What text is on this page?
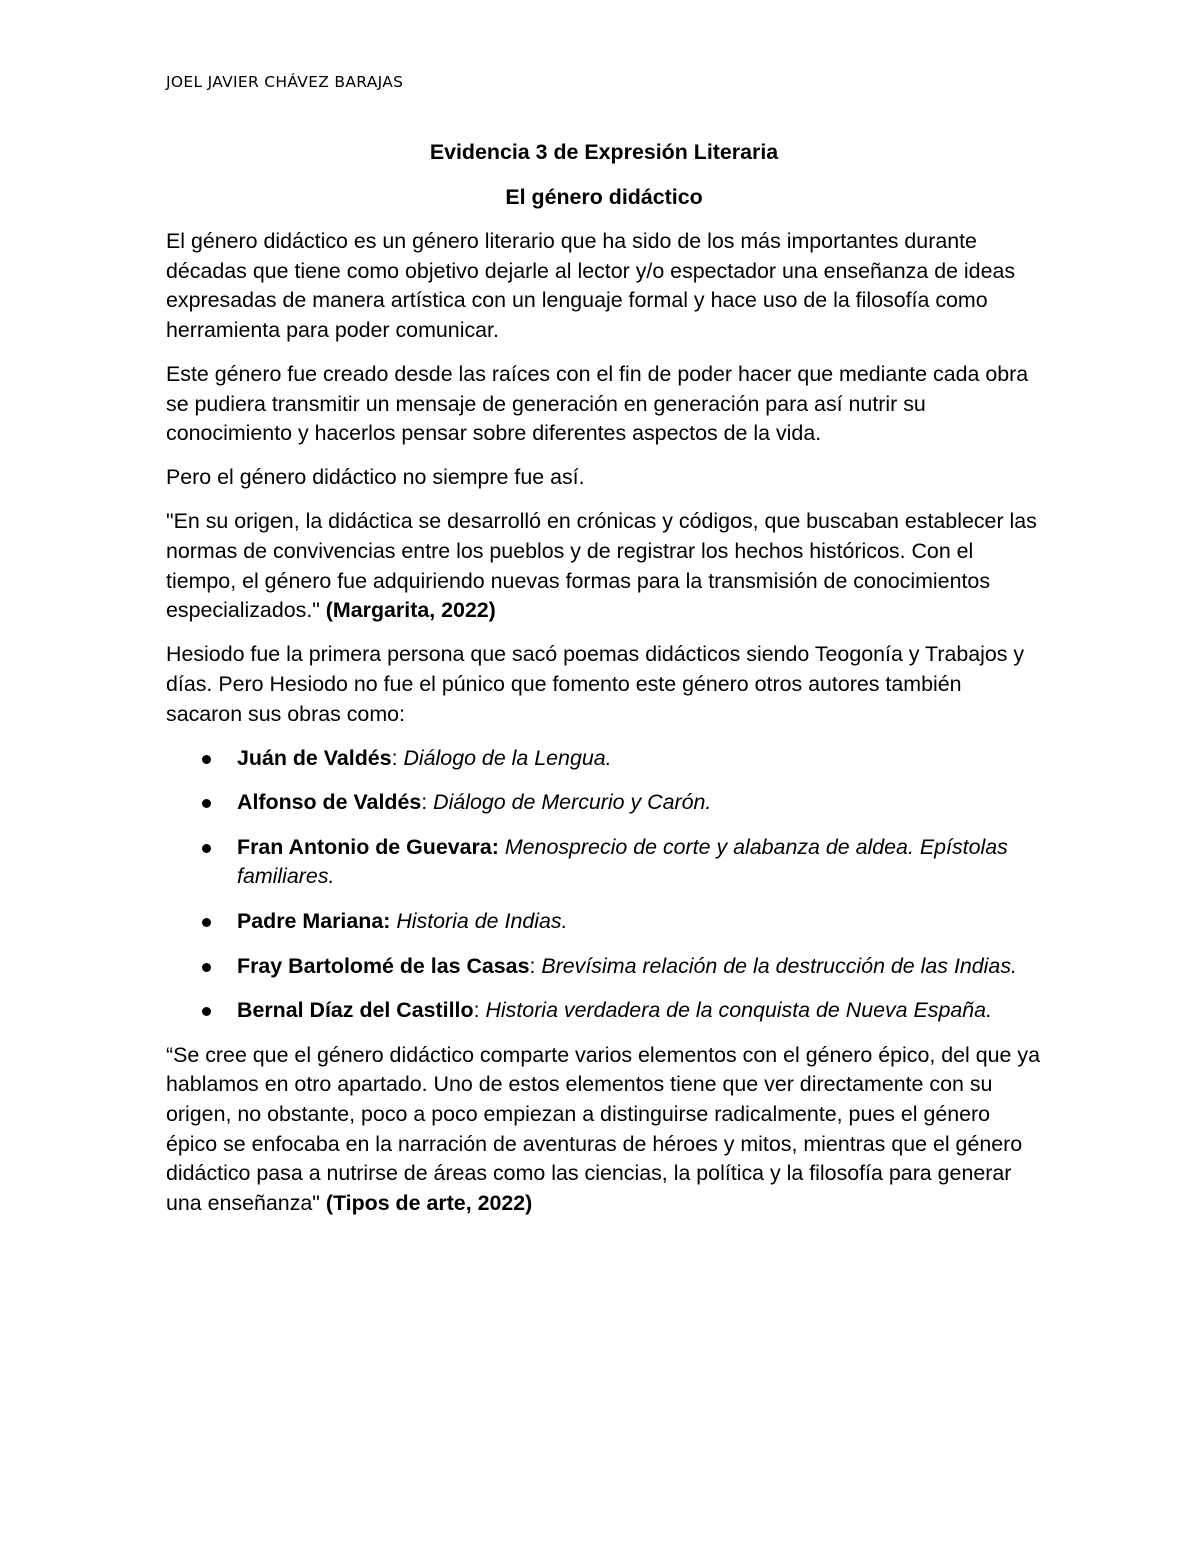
JOEL JAVIER CHÁVEZ BARAJAS
Evidencia 3 de Expresión Literaria
El género didáctico

El género didáctico es un género literario que ha sido de los más importantes durante décadas que tiene como objetivo dejarle al lector y/o espectador una enseñanza de ideas expresadas de manera artística con un lenguaje formal y hace uso de la filosofía como herramienta para poder comunicar.

Este género fue creado desde las raíces con el fin de poder hacer que mediante cada obra se pudiera transmitir un mensaje de generación en generación para así nutrir su conocimiento y hacerlos pensar sobre diferentes aspectos de la vida.

Pero el género didáctico no siempre fue así.

"En su origen, la didáctica se desarrolló en crónicas y códigos, que buscaban establecer las normas de convivencias entre los pueblos y de registrar los hechos históricos. Con el tiempo, el género fue adquiriendo nuevas formas para la transmisión de conocimientos especializados." (Margarita, 2022)

Hesiodo fue la primera persona que sacó poemas didácticos siendo Teogonía y Trabajos y días. Pero Hesiodo no fue el púnico que fomento este género otros autores también sacaron sus obras como:

Juán de Valdés: Diálogo de la Lengua.
Alfonso de Valdés: Diálogo de Mercurio y Carón.
Fran Antonio de Guevara: Menosprecio de corte y alabanza de aldea. Epístolas familiares.
Padre Mariana: Historia de Indias.
Fray Bartolomé de las Casas: Brevísima relación de la destrucción de las Indias.
Bernal Díaz del Castillo: Historia verdadera de la conquista de Nueva España.

“Se cree que el género didáctico comparte varios elementos con el género épico, del que ya hablamos en otro apartado. Uno de estos elementos tiene que ver directamente con su origen, no obstante, poco a poco empiezan a distinguirse radicalmente, pues el género épico se enfocaba en la narración de aventuras de héroes y mitos, mientras que el género didáctico pasa a nutrirse de áreas como las ciencias, la política y la filosofía para generar una enseñanza" (Tipos de arte, 2022)
